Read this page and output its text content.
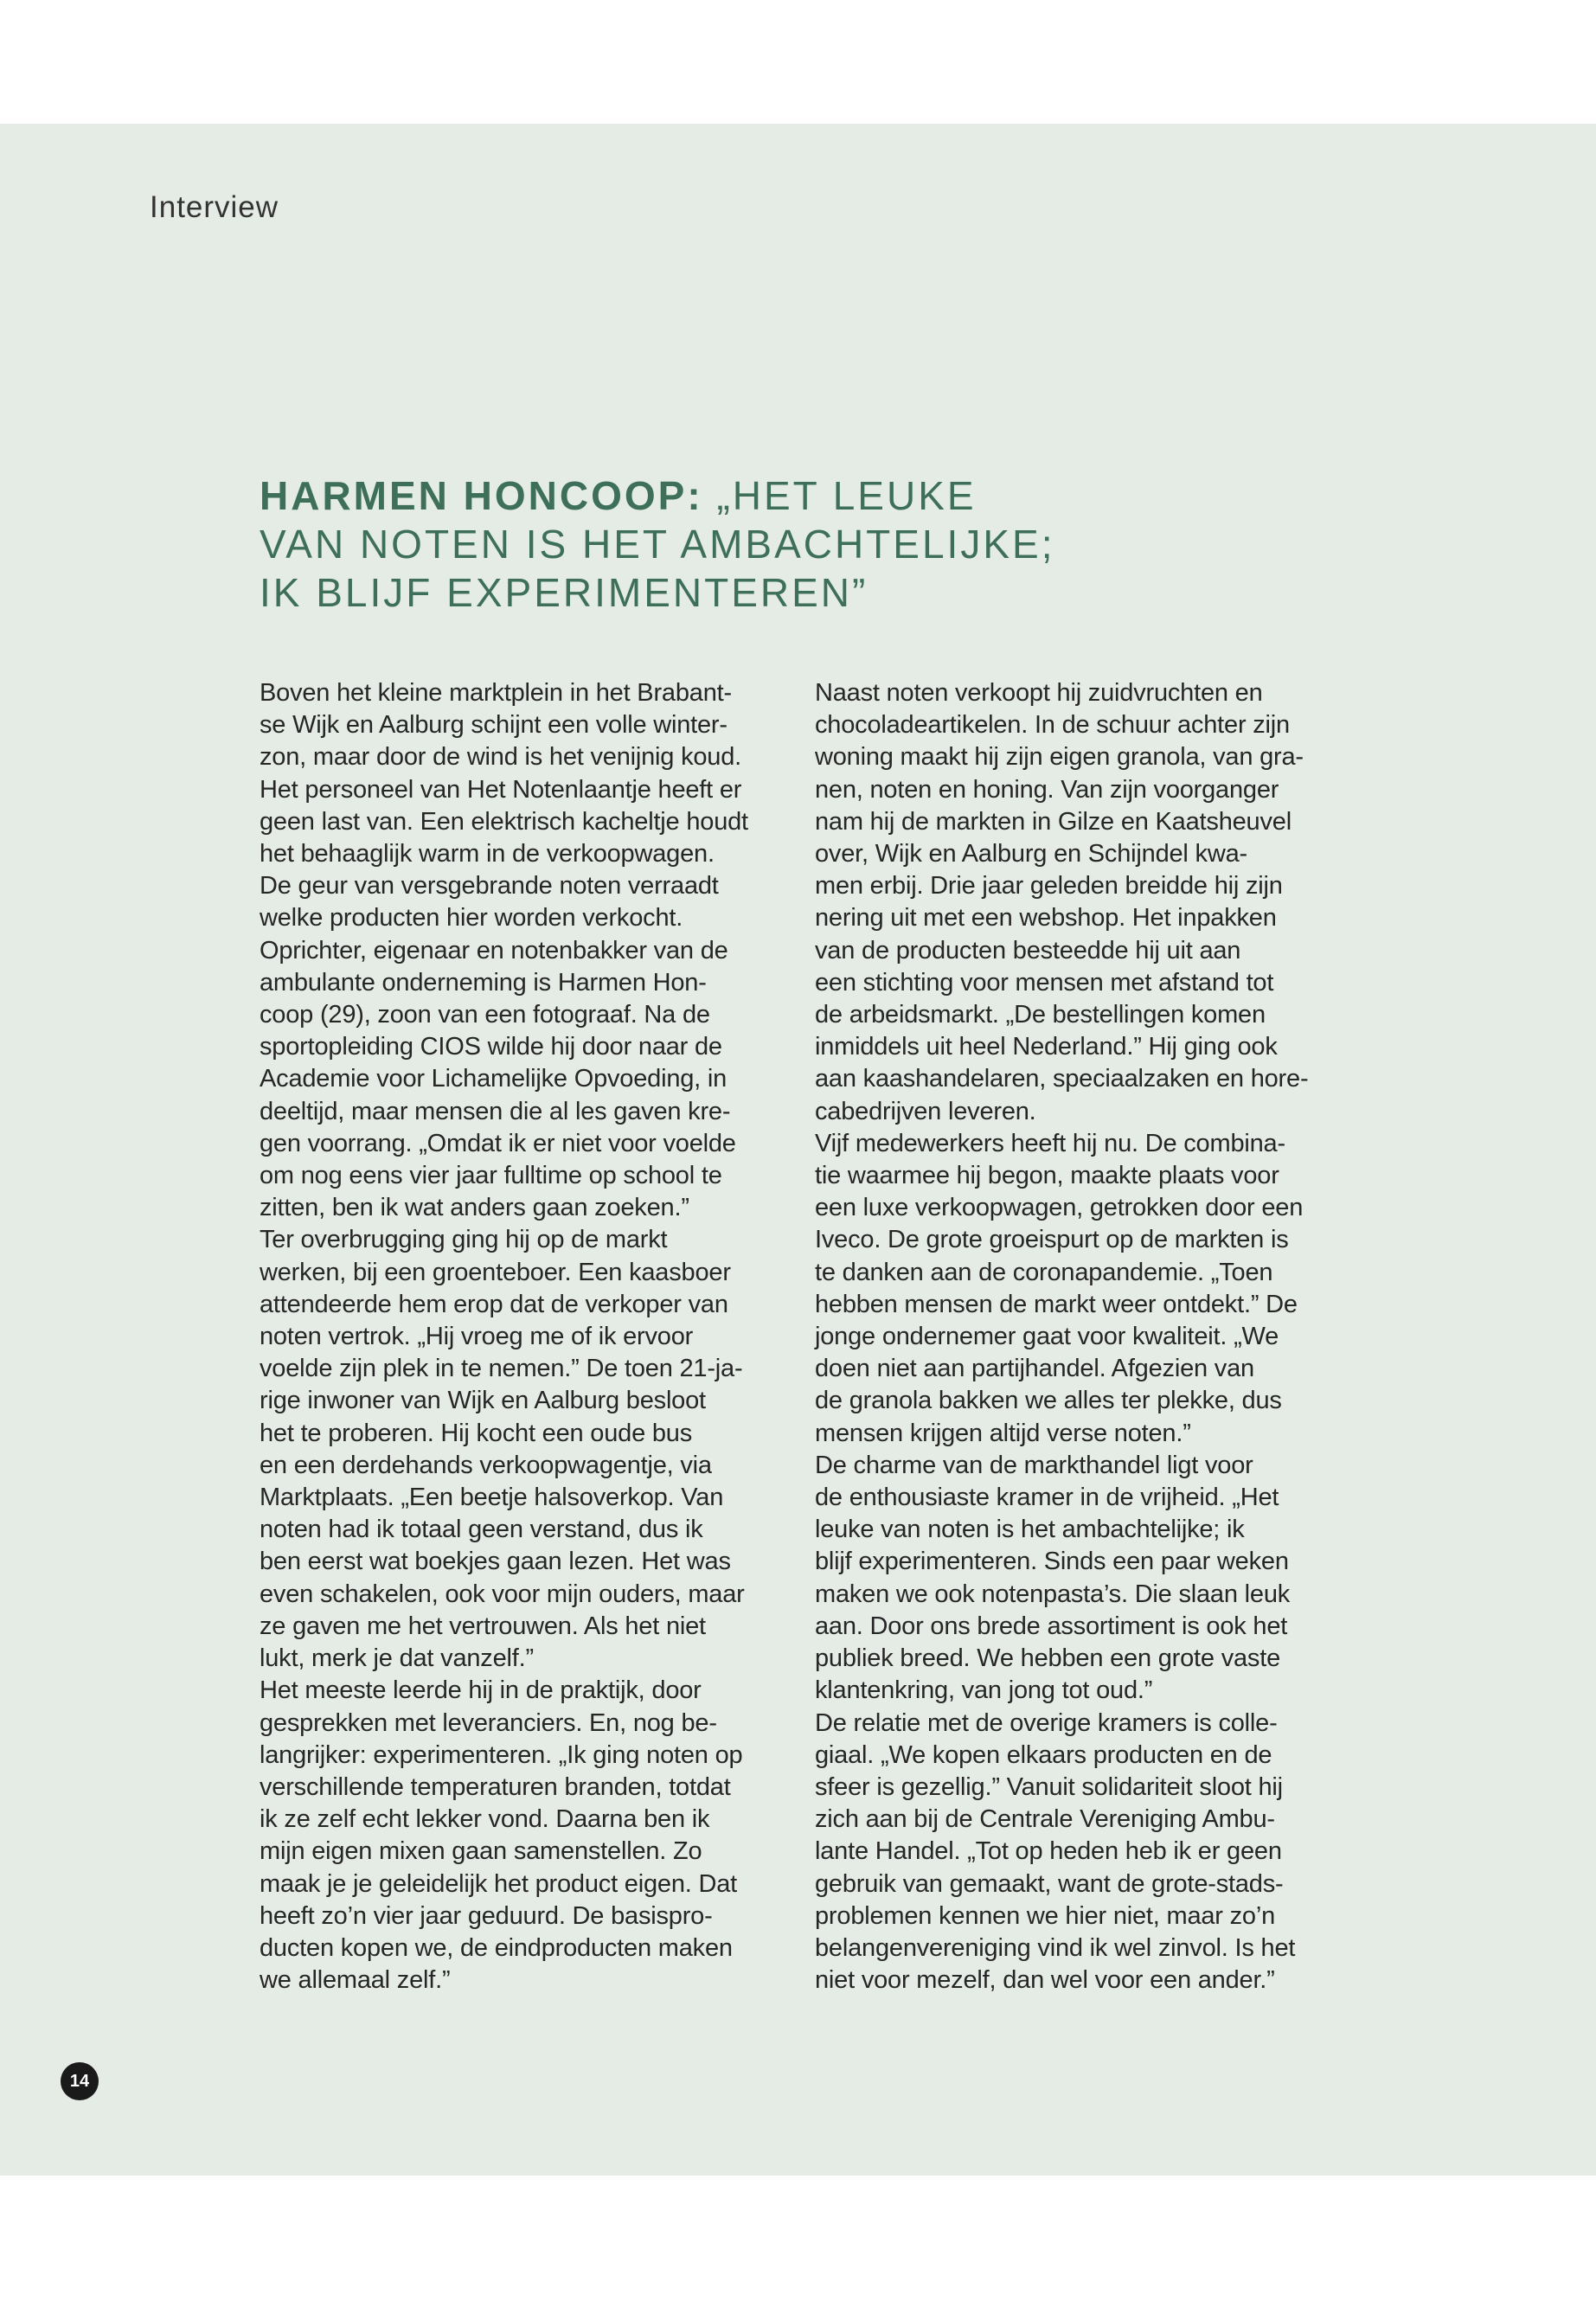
Interview
HARMEN HONCOOP: „HET LEUKE
VAN NOTEN IS HET AMBACHTELIJKE;
IK BLIJF EXPERIMENTEREN”
Boven het kleine marktplein in het Brabant-
se Wijk en Aalburg schijnt een volle winter-
zon, maar door de wind is het venijnig koud.
Het personeel van Het Notenlaantje heeft er
geen last van. Een elektrisch kacheltje houdt
het behaaglijk warm in de verkoopwagen.
De geur van versgebrande noten verraadt
welke producten hier worden verkocht.
Oprichter, eigenaar en notenbakker van de
ambulante onderneming is Harmen Hon-
coop (29), zoon van een fotograaf. Na de
sportopleiding CIOS wilde hij door naar de
Academie voor Lichamelijke Opvoeding, in
deeltijd, maar mensen die al les gaven kre-
gen voorrang. „Omdat ik er niet voor voelde
om nog eens vier jaar fulltime op school te
zitten, ben ik wat anders gaan zoeken.”
Ter overbrugging ging hij op de markt
werken, bij een groenteboer. Een kaasboer
attendeerde hem erop dat de verkoper van
noten vertrok. „Hij vroeg me of ik ervoor
voelde zijn plek in te nemen.” De toen 21-ja-
rige inwoner van Wijk en Aalburg besloot
het te proberen. Hij kocht een oude bus
en een derdehands verkoopwagentje, via
Marktplaats. „Een beetje halsoverkop. Van
noten had ik totaal geen verstand, dus ik
ben eerst wat boekjes gaan lezen. Het was
even schakelen, ook voor mijn ouders, maar
ze gaven me het vertrouwen. Als het niet
lukt, merk je dat vanzelf.”
Het meeste leerde hij in de praktijk, door
gesprekken met leveranciers. En, nog be-
langrijker: experimenteren. „Ik ging noten op
verschillende temperaturen branden, totdat
ik ze zelf echt lekker vond. Daarna ben ik
mijn eigen mixen gaan samenstellen. Zo
maak je je geleidelijk het product eigen. Dat
heeft zo’n vier jaar geduurd. De basispro-
ducten kopen we, de eindproducten maken
we allemaal zelf.”
Naast noten verkoopt hij zuidvruchten en
chocoladeartikelen. In de schuur achter zijn
woning maakt hij zijn eigen granola, van gra-
nen, noten en honing. Van zijn voorganger
nam hij de markten in Gilze en Kaatsheuvel
over, Wijk en Aalburg en Schijndel kwa-
men erbij. Drie jaar geleden breidde hij zijn
nering uit met een webshop. Het inpakken
van de producten besteedde hij uit aan
een stichting voor mensen met afstand tot
de arbeidsmarkt. „De bestellingen komen
inmiddels uit heel Nederland.” Hij ging ook
aan kaashandelaren, speciaalzaken en hore-
cabedrijven leveren.
Vijf medewerkers heeft hij nu. De combina-
tie waarmee hij begon, maakte plaats voor
een luxe verkoopwagen, getrokken door een
Iveco. De grote groeispurt op de markten is
te danken aan de coronapandemie. „Toen
hebben mensen de markt weer ontdekt.” De
jonge ondernemer gaat voor kwaliteit. „We
doen niet aan partijhandel. Afgezien van
de granola bakken we alles ter plekke, dus
mensen krijgen altijd verse noten.”
De charme van de markthandel ligt voor
de enthousiaste kramer in de vrijheid. „Het
leuke van noten is het ambachtelijke; ik
blijf experimenteren. Sinds een paar weken
maken we ook notenpasta’s. Die slaan leuk
aan. Door ons brede assortiment is ook het
publiek breed. We hebben een grote vaste
klantenkring, van jong tot oud.”
De relatie met de overige kramers is colle-
giaal. „We kopen elkaars producten en de
sfeer is gezellig.” Vanuit solidariteit sloot hij
zich aan bij de Centrale Vereniging Ambu-
lante Handel. „Tot op heden heb ik er geen
gebruik van gemaakt, want de grote-stads-
problemen kennen we hier niet, maar zo’n
belangenvereniging vind ik wel zinvol. Is het
niet voor mezelf, dan wel voor een ander.”
14
